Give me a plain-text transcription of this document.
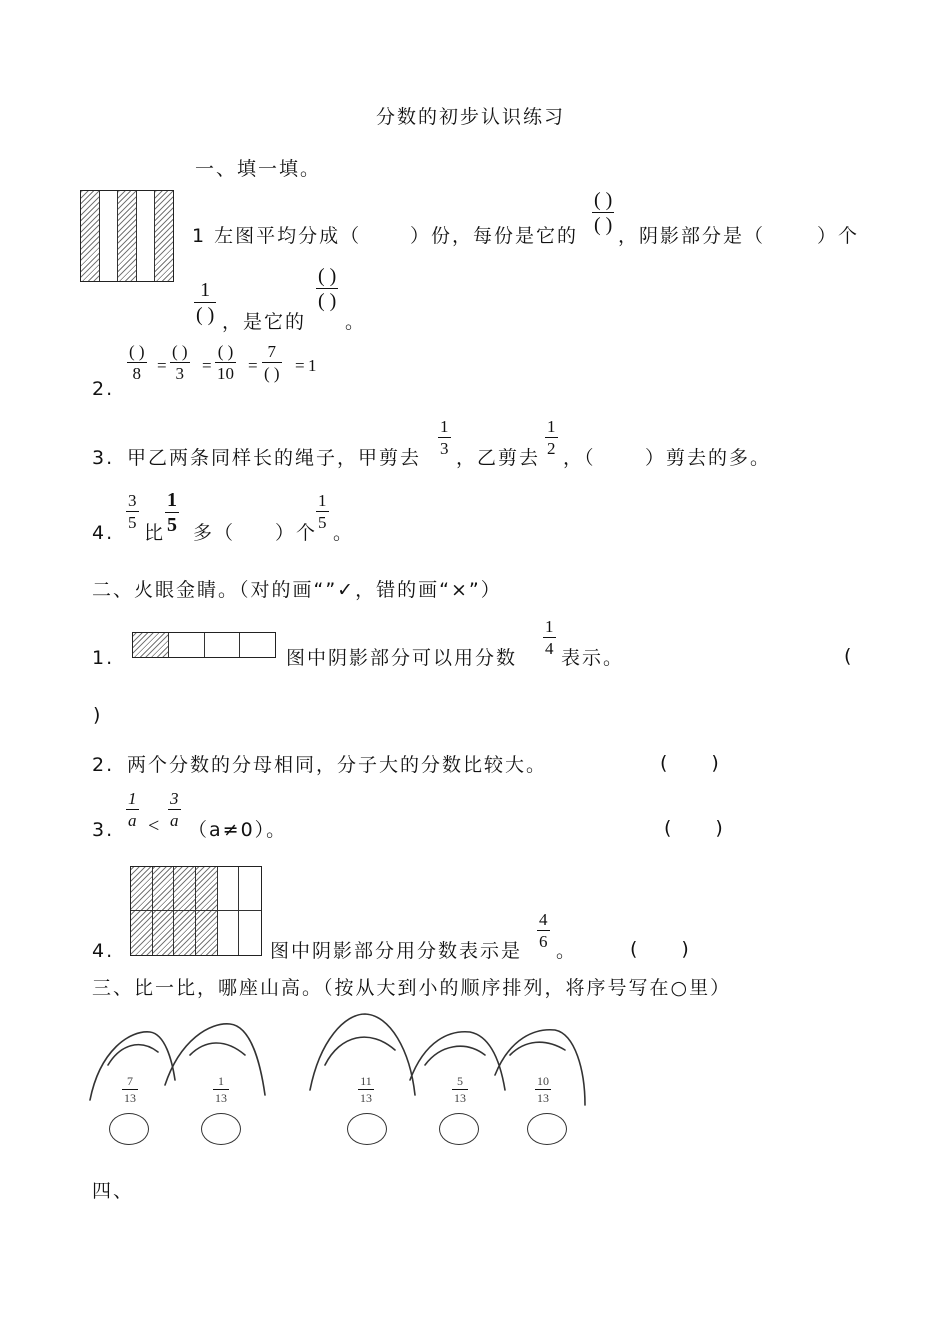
分数的初步认识练习
一、填一填。
1 左图平均分成（	）份，每份是它的
( )
( ) ，阴影部分是（	）个
1
( ) ，是它的
( )
( )
。
2.
( )
8 =
( )
3 =
( )
10 =
7
( ) = 1
3. 甲乙两条同样长的绳子，甲剪去
1
3 ，乙剪去
1
2 ，（	）剪去的多。
4.
3
5 比
1
5 多（ ）个
1
5 。
二、火眼金睛。（对的画“”✓，错的画“×”）
1.	图中阴影部分可以用分数
1
4 表示。	(
)
2. 两个分数的分母相同，分子大的分数比较大。	(　　)
3.
1
a <
3
a （a≠0）。	(　　)
4.	图中阴影部分用分数表示是
4
6 。	(　　)
三、比一比，哪座山高。（按从大到小的顺序排列，将序号写在○里）
7
13
1
13
11
13
5
13
10
13
四、
